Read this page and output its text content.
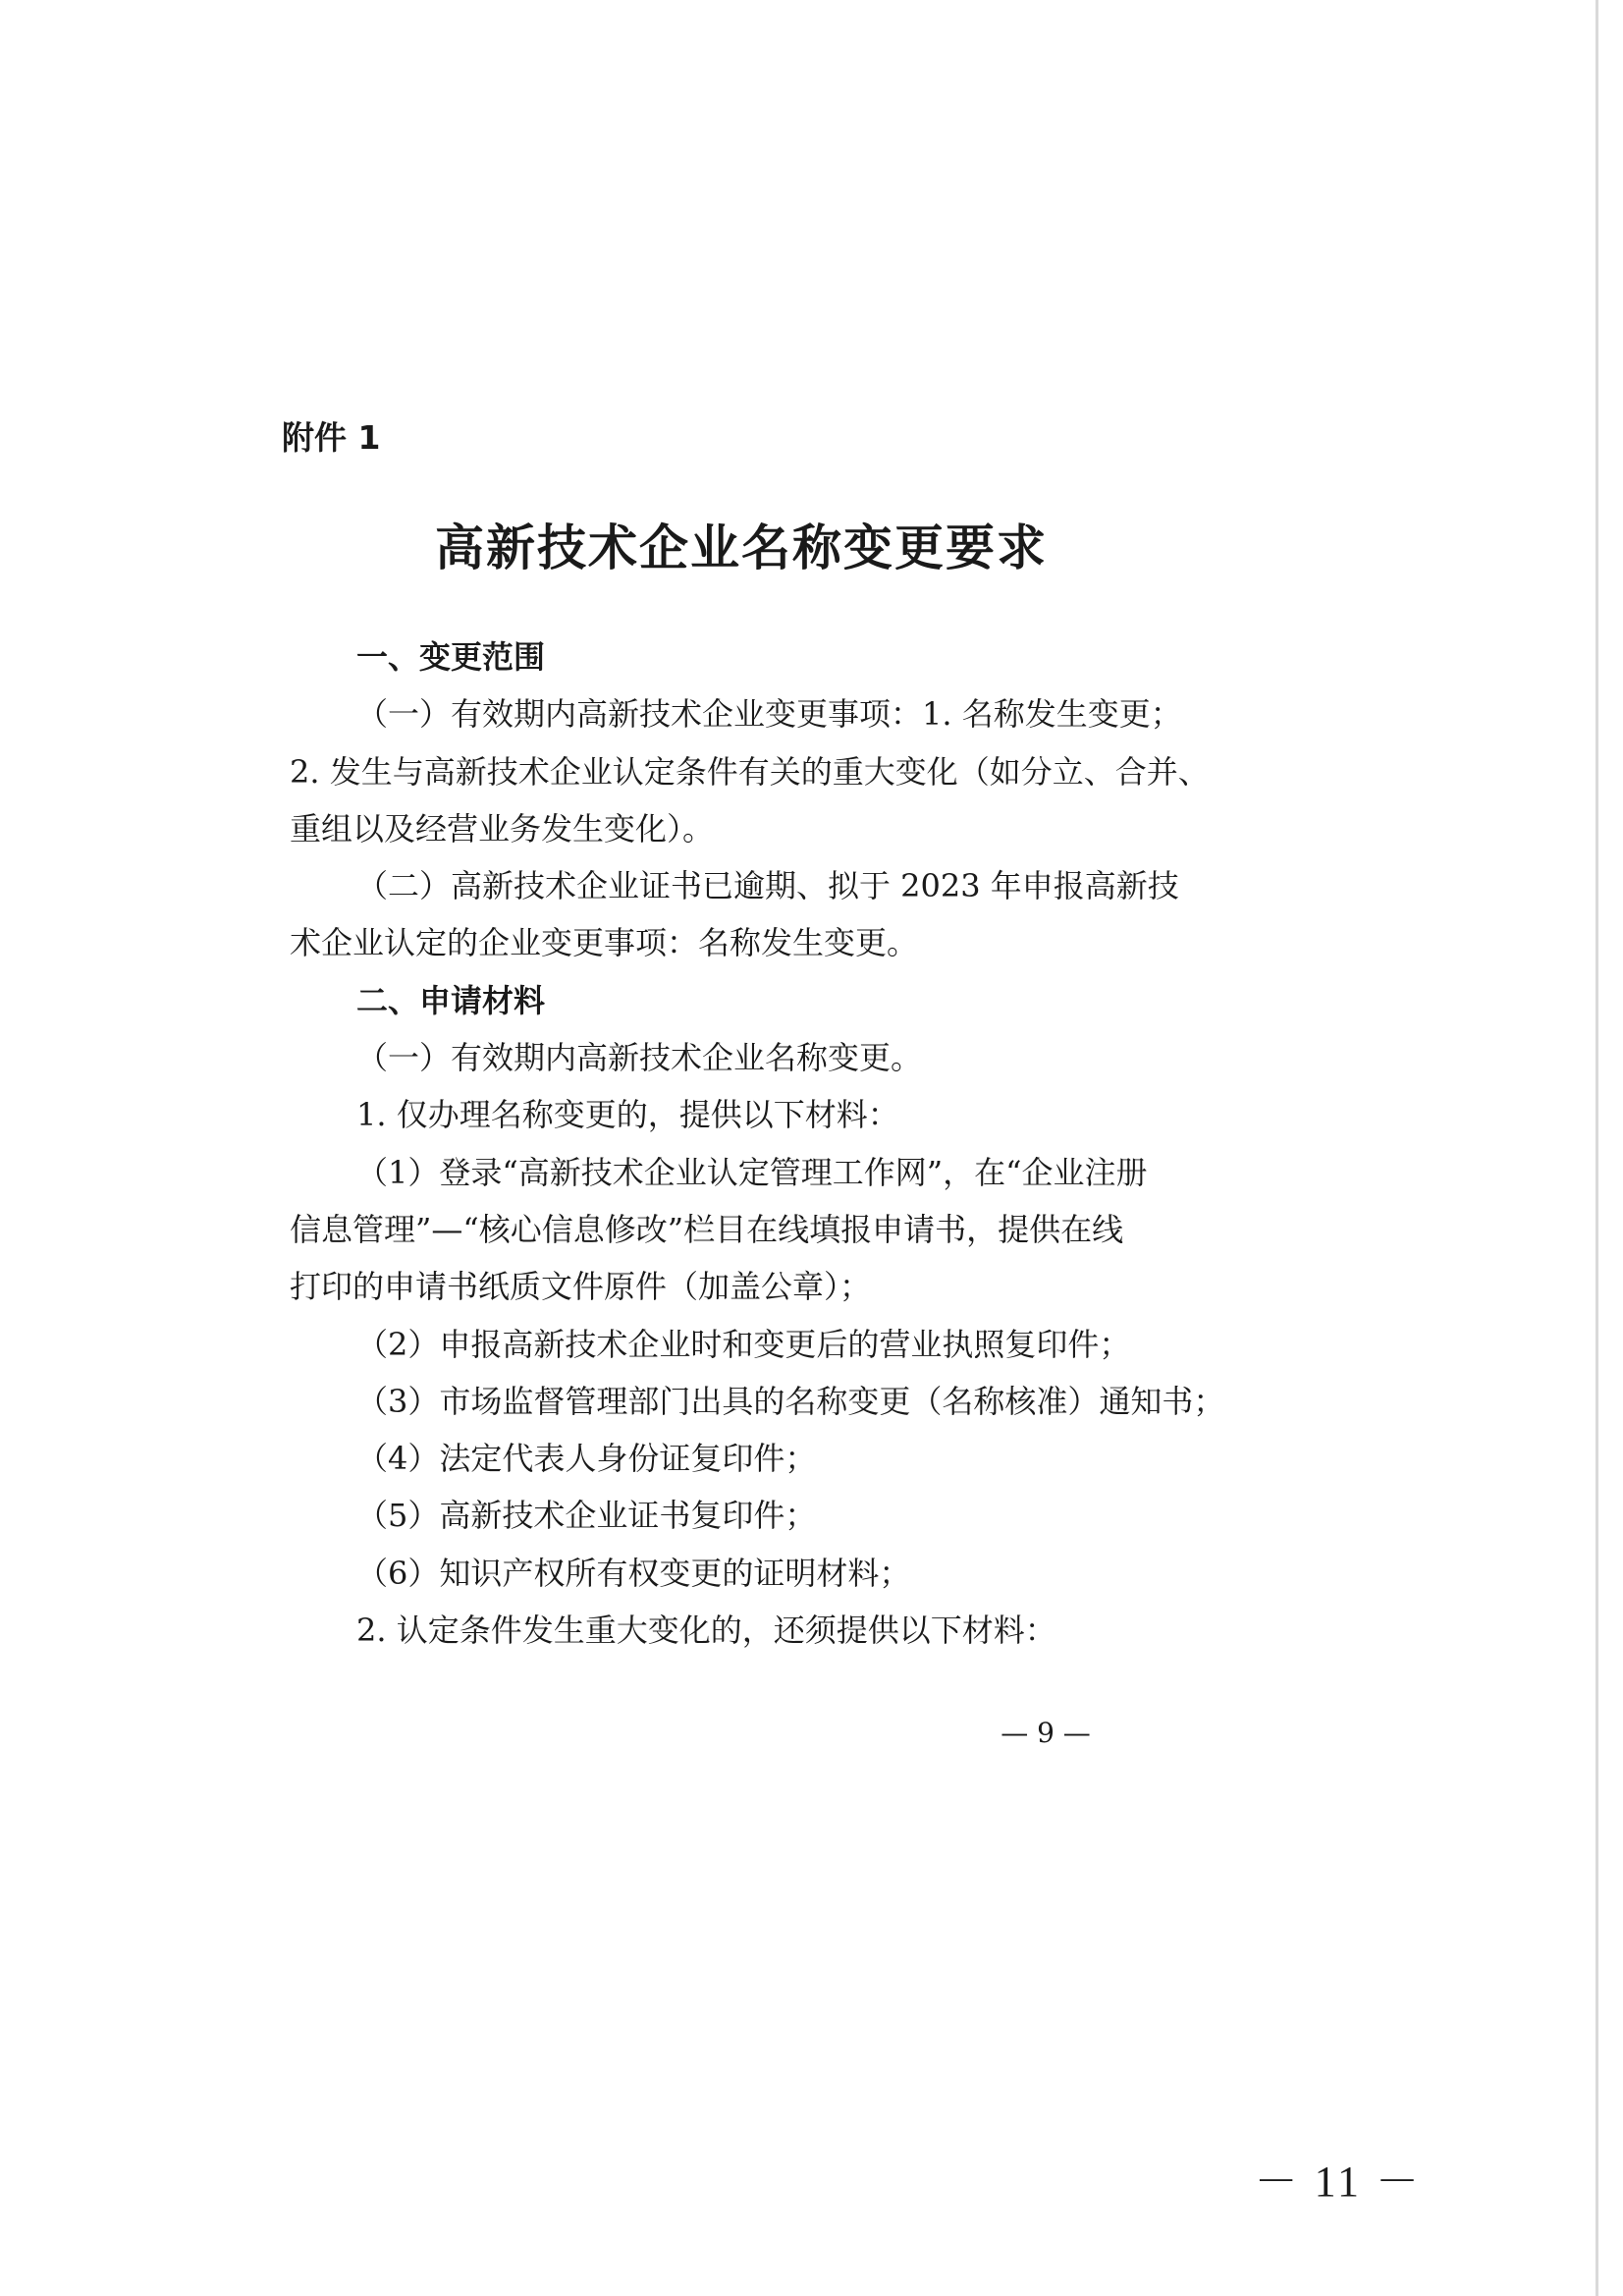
附件 1
高新技术企业名称变更要求
一、变更范围
（一）有效期内高新技术企业变更事项：1. 名称发生变更；
2. 发生与高新技术企业认定条件有关的重大变化（如分立、合并、
重组以及经营业务发生变化）。
（二）高新技术企业证书已逾期、拟于 2023 年申报高新技
术企业认定的企业变更事项：名称发生变更。
二、申请材料
（一）有效期内高新技术企业名称变更。
1. 仅办理名称变更的，提供以下材料：
（1）登录“高新技术企业认定管理工作网”，在“企业注册
信息管理”—“核心信息修改”栏目在线填报申请书，提供在线
打印的申请书纸质文件原件（加盖公章）；
（2）申报高新技术企业时和变更后的营业执照复印件；
（3）市场监督管理部门出具的名称变更（名称核准）通知书；
（4）法定代表人身份证复印件；
（5）高新技术企业证书复印件；
（6）知识产权所有权变更的证明材料；
2. 认定条件发生重大变化的，还须提供以下材料：
— 9 —
－ 11 －
